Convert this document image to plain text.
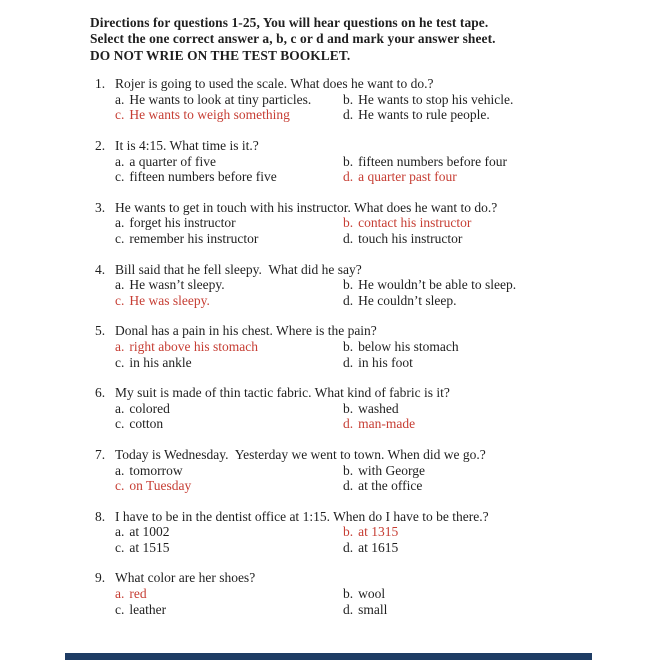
Directions for questions 1-25, You will hear questions on he test tape.
Select the one correct answer a, b, c or d and mark your answer sheet.
DO NOT WRIE ON THE TEST BOOKLET.
1. Rojer is going to used the scale. What does he want to do.?
a. He wants to look at tiny particles.	b. He wants to stop his vehicle.
c. He wants to weigh something	d. He wants to rule people.
2. It is 4:15. What time is it.?
a. a quarter of five	b. fifteen numbers before four
c. fifteen numbers before five	d. a quarter past four
3. He wants to get in touch with his instructor. What does he want to do.?
a. forget his instructor	b. contact his instructor
c. remember his instructor	d. touch his instructor
4. Bill said that he fell sleepy.  What did he say?
a. He wasn’t sleepy.	b. He wouldn’t be able to sleep.
c. He was sleepy.	d. He couldn’t sleep.
5. Donal has a pain in his chest. Where is the pain?
a. right above his stomach	b. below his stomach
c. in his ankle	d. in his foot
6. My suit is made of thin tactic fabric. What kind of fabric is it?
a. colored	b. washed
c. cotton	d. man-made
7. Today is Wednesday.  Yesterday we went to town. When did we go.?
a. tomorrow	b. with George
c. on Tuesday	d. at the office
8. I have to be in the dentist office at 1:15. When do I have to be there.?
a. at 1002	b. at 1315
c. at 1515	d. at 1615
9. What color are her shoes?
a. red	b. wool
c. leather	d. small
